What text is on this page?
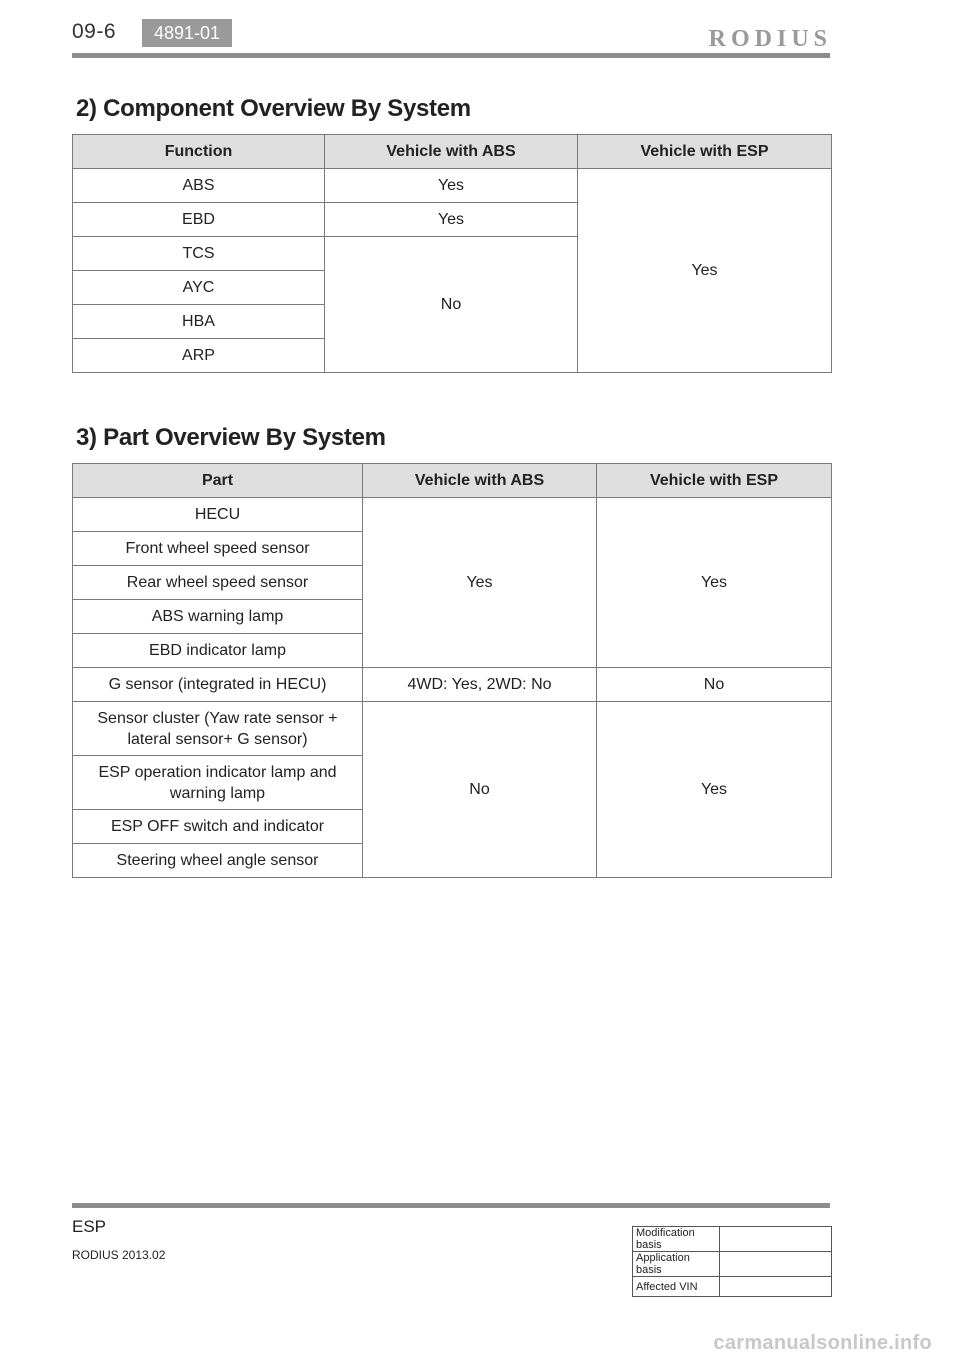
09-6	4891-01	RODIUS
2) Component Overview By System
Function	Vehicle with ABS	Vehicle with ESP
ABS	Yes	Yes
EBD	Yes	
TCS	No	
AYC		
HBA		
ARP		
3) Part Overview By System
Part	Vehicle with ABS	Vehicle with ESP
HECU	Yes	Yes
Front wheel speed sensor		
Rear wheel speed sensor		
ABS warning lamp		
EBD indicator lamp		
G sensor (integrated in HECU)	4WD: Yes, 2WD: No	No
Sensor cluster (Yaw rate sensor + lateral sensor+ G sensor)	No	Yes
ESP operation indicator lamp and warning lamp		
ESP OFF switch and indicator		
Steering wheel angle sensor		
ESP
RODIUS 2013.02
Modification basis	
Application basis	
Affected VIN	
carmanualsonline.info
